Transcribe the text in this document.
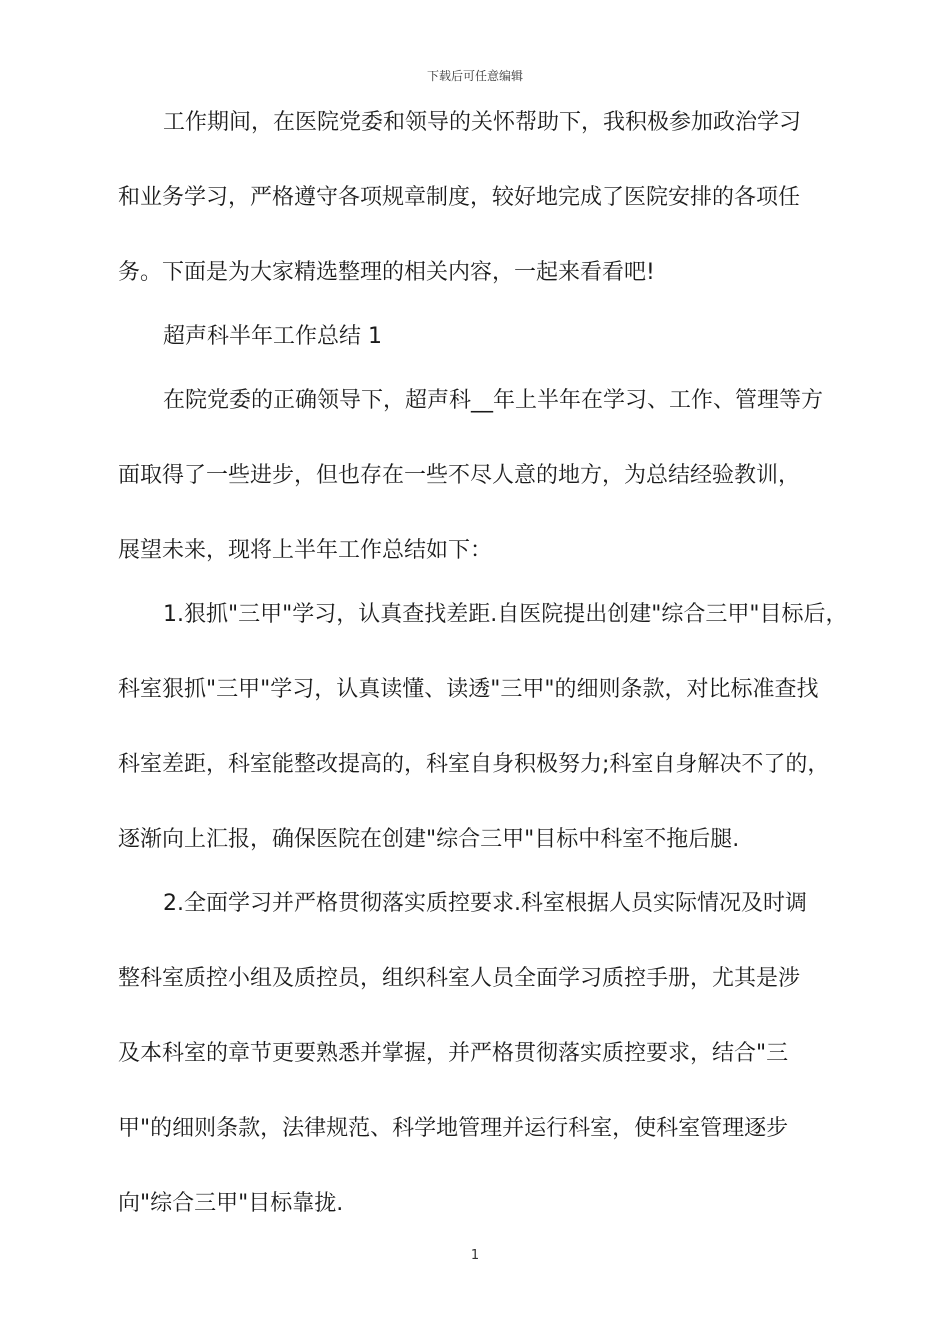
下载后可任意编辑
工作期间，在医院党委和领导的关怀帮助下，我积极参加政治学习
和业务学习，严格遵守各项规章制度，较好地完成了医院安排的各项任
务。下面是为大家精选整理的相关内容，一起来看看吧!
超声科半年工作总结 1
在院党委的正确领导下，超声科__年上半年在学习、工作、管理等方
面取得了一些进步，但也存在一些不尽人意的地方，为总结经验教训，
展望未来，现将上半年工作总结如下：
1.狠抓"三甲"学习，认真查找差距.自医院提出创建"综合三甲"目标后，
科室狠抓"三甲"学习，认真读懂、读透"三甲"的细则条款，对比标准查找
科室差距，科室能整改提高的，科室自身积极努力;科室自身解决不了的，
逐渐向上汇报，确保医院在创建"综合三甲"目标中科室不拖后腿.
2.全面学习并严格贯彻落实质控要求.科室根据人员实际情况及时调
整科室质控小组及质控员，组织科室人员全面学习质控手册，尤其是涉
及本科室的章节更要熟悉并掌握，并严格贯彻落实质控要求，结合"三
甲"的细则条款，法律规范、科学地管理并运行科室，使科室管理逐步
向"综合三甲"目标靠拢.
1
